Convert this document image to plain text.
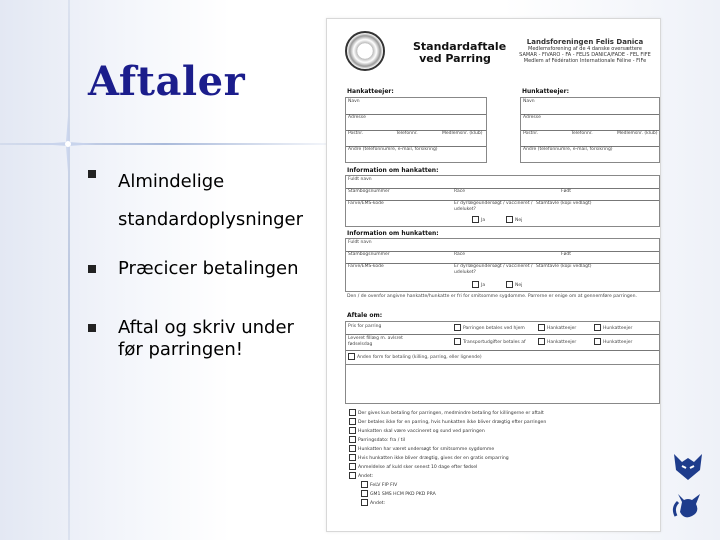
Aftaler
Almindelige standardoplysninger
Præcicer betalingen
Aftal og skriv under før parringen!
Standardaftale
ved Parring
Landsforeningen Felis Danica
Medlemsforening af de 4 danske oversættere
SAMAR - FIVARO - FA - FELIS DANICA/FADE - FEL FIFE
Medlem af Fédération Internationale Féline - FIFe
Hankatteejer:	Hunkatteejer:
Navn
Adresse
Postnr.	Telefonnr.	Medlemsnr. (klub)
Andre (telefonnumre, e-mail, forsikring)
Navn
Adresse
Postnr.	Telefonnr.	Medlemsnr. (klub)
Andre (telefonnumre, e-mail, forsikring)
Information om hankatten:
Fuldt navn
Stambogsnummer	Race	Født
Farve/EMS-kode	Er dyrlægeundersøgt / vaccineret / udeluket?
Stamtavle (kopi vedlagt)
Ja	Nej
Information om hunkatten:
Fuldt navn
Stambogsnummer	Race	Født
Farve/EMS-kode	Er dyrlægeundersøgt / vaccineret / udeluket?
Stamtavle (kopi vedlagt)
Ja	Nej
Den / de ovenfor angivne hankatte/hunkatte er fri for smitsomme sygdomme. Parrerne er enige om at gennemføre parringen.
Aftale om:
Pris for parring	Parringen betales ved hjem	Hankatteejer	Hunkatteejer
Leveret fillæg m. avlsret fødselsdag	Transportudgifter betales af	Hankatteejer	Hunkatteejer
Anden form for betaling (killing, parring, eller lignende)
Der gives kun betaling for parringen, medmindre betaling for killingerne er aftalt
Der betales ikke for en parring, hvis hunkatten ikke bliver drægtig efter parringen
Hunkatten skal være vaccineret og sund ved parringen
Parringsdato: fra / til
Hunkatten har været undersøgt for smitsomme sygdomme
Hvis hunkatten ikke bliver drægtig, gives der en gratis omparring
Anmeldelse af kuld sker senest 10 dage efter fødsel
Andet:
FeLV FIP FIV
GM1 SMS HCM PKD PKD PRA
Andet:
